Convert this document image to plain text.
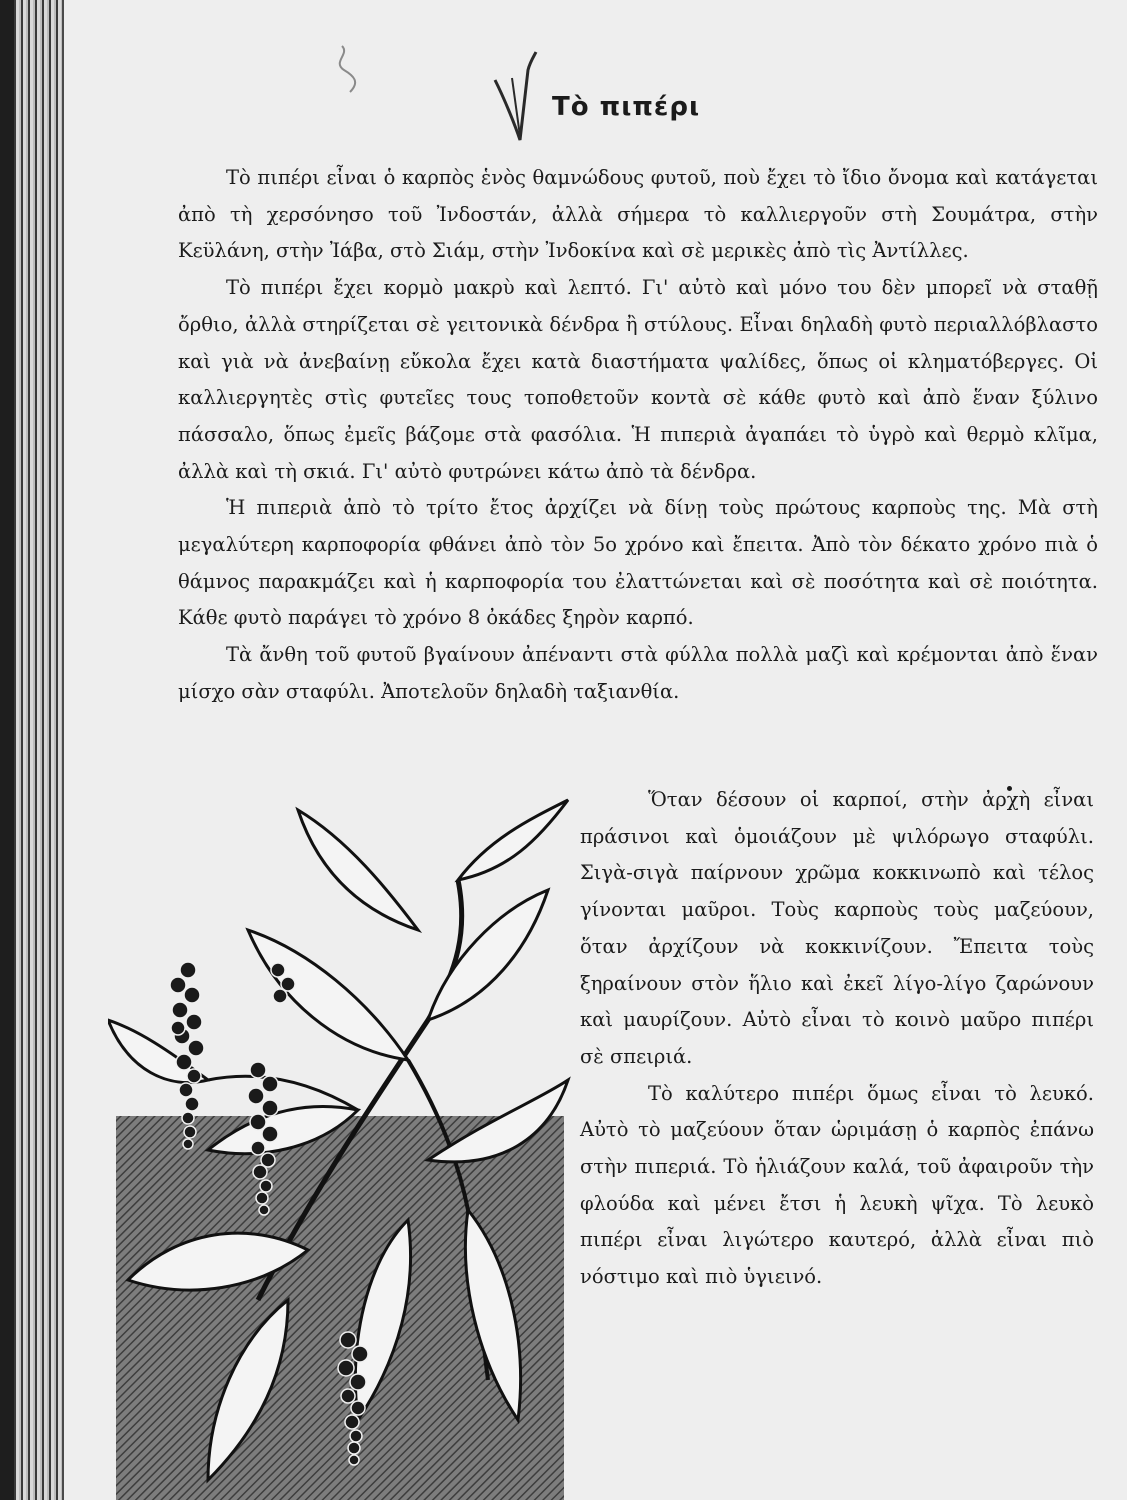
Τὸ πιπέρι

Τὸ πιπέρι εἶναι ὁ καρπὸς ἑνὸς θαμνώδους φυτοῦ, ποὺ ἔχει τὸ ἴδιο ὄνομα καὶ κατάγεται ἀπὸ τὴ χερσόνησο τοῦ Ἰνδοστάν, ἀλλὰ σήμερα τὸ καλλιεργοῦν στὴ Σουμάτρα, στὴν Κεϋλάνη, στὴν Ἰάβα, στὸ Σιάμ, στὴν Ἰνδοκίνα καὶ σὲ μερικὲς ἀπὸ τὶς Ἀντίλλες.

Τὸ πιπέρι ἔχει κορμὸ μακρὺ καὶ λεπτό. Γι' αὐτὸ καὶ μόνο του δὲν μπορεῖ νὰ σταθῇ ὄρθιο, ἀλλὰ στηρίζεται σὲ γειτονικὰ δένδρα ἢ στύλους. Εἶναι δηλαδὴ φυτὸ περιαλλόβλαστο καὶ γιὰ νὰ ἀνεβαίνῃ εὔκολα ἔχει κατὰ διαστήματα ψαλίδες, ὅπως οἱ κληματόβεργες. Οἱ καλλιεργητὲς στὶς φυτεῖες τους τοποθετοῦν κοντὰ σὲ κάθε φυτὸ καὶ ἀπὸ ἕναν ξύλινο πάσσαλο, ὅπως ἐμεῖς βάζομε στὰ φασόλια. Ἡ πιπεριὰ ἀγαπάει τὸ ὑγρὸ καὶ θερμὸ κλῖμα, ἀλλὰ καὶ τὴ σκιά. Γι' αὐτὸ φυτρώνει κάτω ἀπὸ τὰ δένδρα.

Ἡ πιπεριὰ ἀπὸ τὸ τρίτο ἔτος ἀρχίζει νὰ δίνῃ τοὺς πρώτους καρποὺς της. Μὰ στὴ μεγαλύτερη καρποφορία φθάνει ἀπὸ τὸν 5ο χρόνο καὶ ἔπειτα. Ἀπὸ τὸν δέκατο χρόνο πιὰ ὁ θάμνος παρακμάζει καὶ ἡ καρποφορία του ἐλαττώνεται καὶ σὲ ποσότητα καὶ σὲ ποιότητα. Κάθε φυτὸ παράγει τὸ χρόνο 8 ὀκάδες ξηρὸν καρπό.

Τὰ ἄνθη τοῦ φυτοῦ βγαίνουν ἀπέναντι στὰ φύλλα πολλὰ μαζὶ καὶ κρέμονται ἀπὸ ἕναν μίσχο σὰν σταφύλι. Ἀποτελοῦν δηλαδὴ ταξιανθία.

Ὅταν δέσουν οἱ καρποί, στὴν ἀρχὴ εἶναι πράσινοι καὶ ὁμοιάζουν μὲ ψιλόρωγο σταφύλι. Σιγὰ-σιγὰ παίρνουν χρῶμα κοκκινωπὸ καὶ τέλος γίνονται μαῦροι. Τοὺς καρποὺς τοὺς μαζεύουν, ὅταν ἀρχίζουν νὰ κοκκινίζουν. Ἔπειτα τοὺς ξηραίνουν στὸν ἥλιο καὶ ἐκεῖ λίγο-λίγο ζαρώνουν καὶ μαυρίζουν. Αὐτὸ εἶναι τὸ κοινὸ μαῦρο πιπέρι σὲ σπειριά.

Τὸ καλύτερο πιπέρι ὅμως εἶναι τὸ λευκό. Αὐτὸ τὸ μαζεύουν ὅταν ὡριμάσῃ ὁ καρπὸς ἐπάνω στὴν πιπεριά. Τὸ ἡλιάζουν καλά, τοῦ ἀφαιροῦν τὴν φλούδα καὶ μένει ἔτσι ἡ λευκὴ ψῖχα. Τὸ λευκὸ πιπέρι εἶναι λιγώτερο καυτερό, ἀλλὰ εἶναι πιὸ νόστιμο καὶ πιὸ ὑγιεινό.
